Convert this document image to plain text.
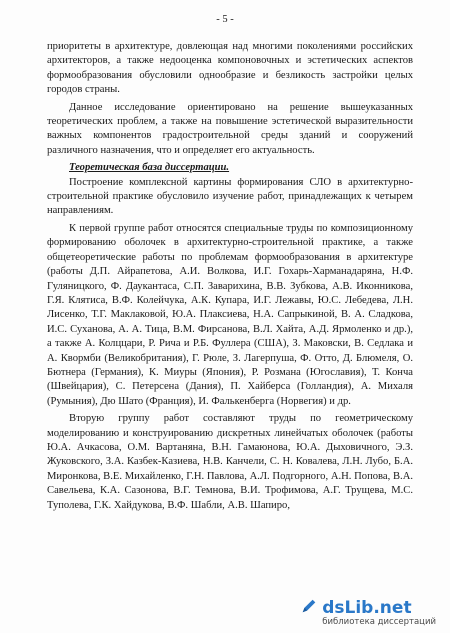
- 5 -

приоритеты в архитектуре, довлеющая над многими поколениями российских архитекторов, а также недооценка компоновочных и эстетических аспектов формообразования обусловили однообразие и безликость застройки целых городов страны.

Данное исследование ориентировано на решение вышеуказанных теоретических проблем, а также на повышение эстетической выразительности важных компонентов градостроительной среды зданий и сооружений различного назначения, что и определяет его актуальность.

Теоретическая база диссертации.

Построение комплексной картины формирования СЛО в архитектурно-строительной практике обусловило изучение работ, принадлежащих к четырем направлениям.

К первой группе работ относятся специальные труды по композиционному формированию оболочек в архитектурно-строительной практике, а также общетеоретические работы по проблемам формообразования в архитектуре (работы Д.П. Айрапетова, А.И. Волкова, И.Г. Гохарь-Харманадаряна, Н.Ф. Гуляницкого, Ф. Даукантаса, С.П. Заварихина, В.В. Зубкова, А.В. Иконникова, Г.Я. Клятиса, В.Ф. Колейчука, А.К. Купара, И.Г. Лежавы, Ю.С. Лебедева, Л.Н. Лисенко, Т.Г. Маклаковой, Ю.А. Плаксиева, Н.А. Сапрыкиной, В. А. Сладкова, И.С. Суханова, А. А. Тица, В.М. Фирсанова, В.Л. Хайта, А.Д. Ярмоленко и др.), а также А. Колццари, Р. Рича и Р.Б. Фуллера (США), З. Маковски, В. Седлака и А. Квормби (Великобритания), Г. Рюле, З. Лагерпуша, Ф. Отто, Д. Блюмеля, О. Бютнера (Германия), К. Миуры (Япония), Р. Розмана (Югославия), Т. Конча (Швейцария), С. Петерсена (Дания), П. Хайберса (Голландия), А. Михаля (Румыния), Дю Шато (Франция), И. Фалькенберга (Норвегия) и др.

Вторую группу работ составляют труды по геометрическому моделированию и конструированию дискретных линейчатых оболочек (работы Ю.А. Ачкасова, О.М. Вартаняна, В.Н. Гамаюнова, Ю.А. Дыховичного, Э.З. Жуковского, З.А. Казбек-Казиева, Н.В. Канчели, С. Н. Ковалева, Л.Н. Лубо, Б.А. Миронкова, В.Е. Михайленко, Г.Н. Павлова, А.Л. Подгорного, А.Н. Попова, В.А. Савельева, К.А. Сазонова, В.Г. Темнова, В.И. Трофимова, А.Г. Трущева, М.С. Туполева, Г.К. Хайдукова, В.Ф. Шабли, А.В. Шапиро,

dsLib.net
библиотека диссертаций
